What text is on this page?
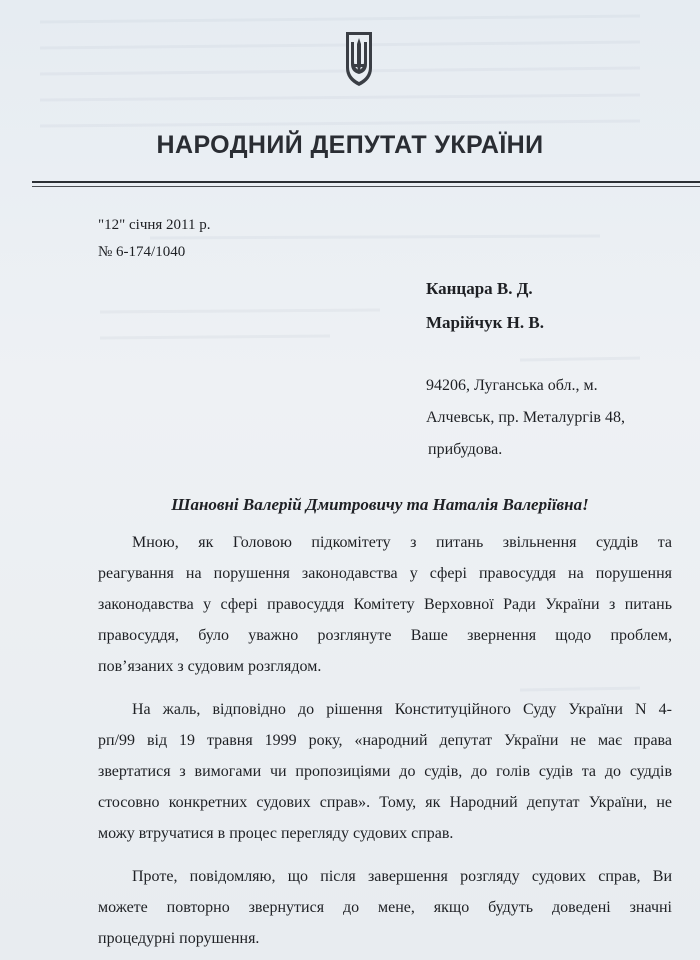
НАРОДНИЙ ДЕПУТАТ УКРАЇНИ
"12" січня 2011 р.
№ 6-174/1040
Канцара В. Д.
Марійчук Н. В.
94206, Луганська обл., м.
Алчевськ, пр. Металургів 48,
прибудова.
Шановні Валерій Дмитровичу та Наталія Валеріївна!
Мною, як Головою підкомітету з питань звільнення суддів та
реагування на порушення законодавства у сфері правосуддя на порушення
законодавства у сфері правосуддя Комітету Верховної Ради України з питань
правосуддя, було уважно розглянуте Ваше звернення щодо проблем,
пов’язаних з судовим розглядом.
На жаль, відповідно до рішення Конституційного Суду України N 4-
рп/99 від 19 травня 1999 року, «народний депутат України не має права
звертатися з вимогами чи пропозиціями до судів, до голів судів та до суддів
стосовно конкретних судових справ». Тому, як Народний депутат України, не
можу втручатися в процес перегляду судових справ.
Проте, повідомляю, що після завершення розгляду судових справ, Ви
можете повторно звернутися до мене, якщо будуть доведені значні
процедурні порушення.
